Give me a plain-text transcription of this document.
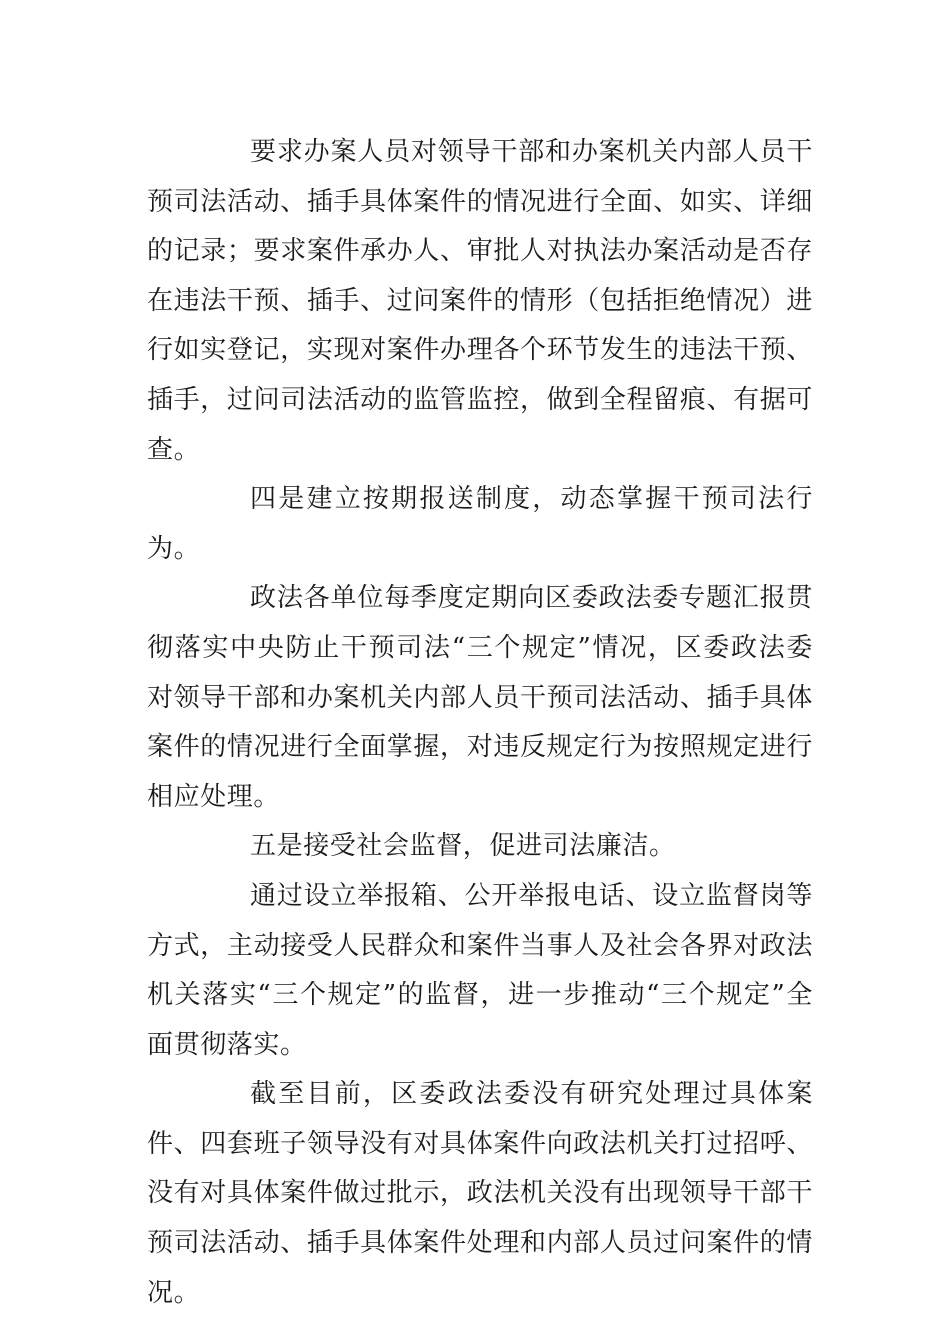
要求办案人员对领导干部和办案机关内部人员干预司法活动、插手具体案件的情况进行全面、如实、详细的记录；要求案件承办人、审批人对执法办案活动是否存在违法干预、插手、过问案件的情形（包括拒绝情况）进行如实登记，实现对案件办理各个环节发生的违法干预、插手，过问司法活动的监管监控，做到全程留痕、有据可查。

四是建立按期报送制度，动态掌握干预司法行为。

政法各单位每季度定期向区委政法委专题汇报贯彻落实中央防止干预司法“三个规定”情况，区委政法委对领导干部和办案机关内部人员干预司法活动、插手具体案件的情况进行全面掌握，对违反规定行为按照规定进行相应处理。

五是接受社会监督，促进司法廉洁。

通过设立举报箱、公开举报电话、设立监督岗等方式，主动接受人民群众和案件当事人及社会各界对政法机关落实“三个规定”的监督，进一步推动“三个规定”全面贯彻落实。

截至目前，区委政法委没有研究处理过具体案件、四套班子领导没有对具体案件向政法机关打过招呼、没有对具体案件做过批示，政法机关没有出现领导干部干预司法活动、插手具体案件处理和内部人员过问案件的情况。
